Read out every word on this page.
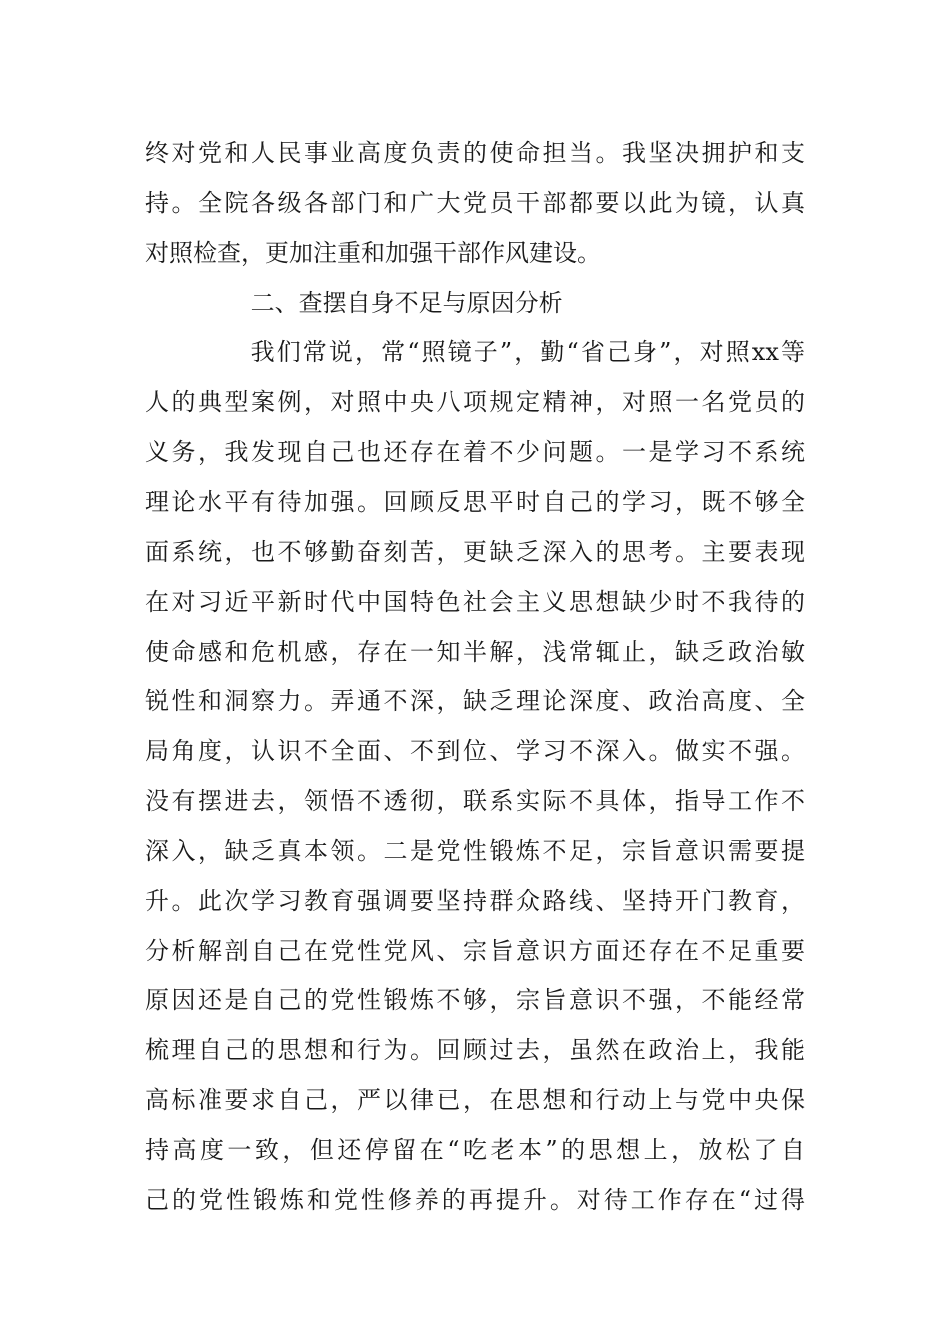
终对党和人民事业高度负责的使命担当。我坚决拥护和支
持。全院各级各部门和广大党员干部都要以此为镜，认真
对照检查，更加注重和加强干部作风建设。
二、查摆自身不足与原因分析
我们常说，常“照镜子”，勤“省己身”，对照xx等
人的典型案例，对照中央八项规定精神，对照一名党员的
义务，我发现自己也还存在着不少问题。一是学习不系统
理论水平有待加强。回顾反思平时自己的学习，既不够全
面系统，也不够勤奋刻苦，更缺乏深入的思考。主要表现
在对习近平新时代中国特色社会主义思想缺少时不我待的
使命感和危机感，存在一知半解，浅常辄止，缺乏政治敏
锐性和洞察力。弄通不深，缺乏理论深度、政治高度、全
局角度，认识不全面、不到位、学习不深入。做实不强。
没有摆进去，领悟不透彻，联系实际不具体，指导工作不
深入，缺乏真本领。二是党性锻炼不足，宗旨意识需要提
升。此次学习教育强调要坚持群众路线、坚持开门教育，
分析解剖自己在党性党风、宗旨意识方面还存在不足重要
原因还是自己的党性锻炼不够，宗旨意识不强，不能经常
梳理自己的思想和行为。回顾过去，虽然在政治上，我能
高标准要求自己，严以律已，在思想和行动上与党中央保
持高度一致，但还停留在“吃老本”的思想上，放松了自
己的党性锻炼和党性修养的再提升。对待工作存在“过得
